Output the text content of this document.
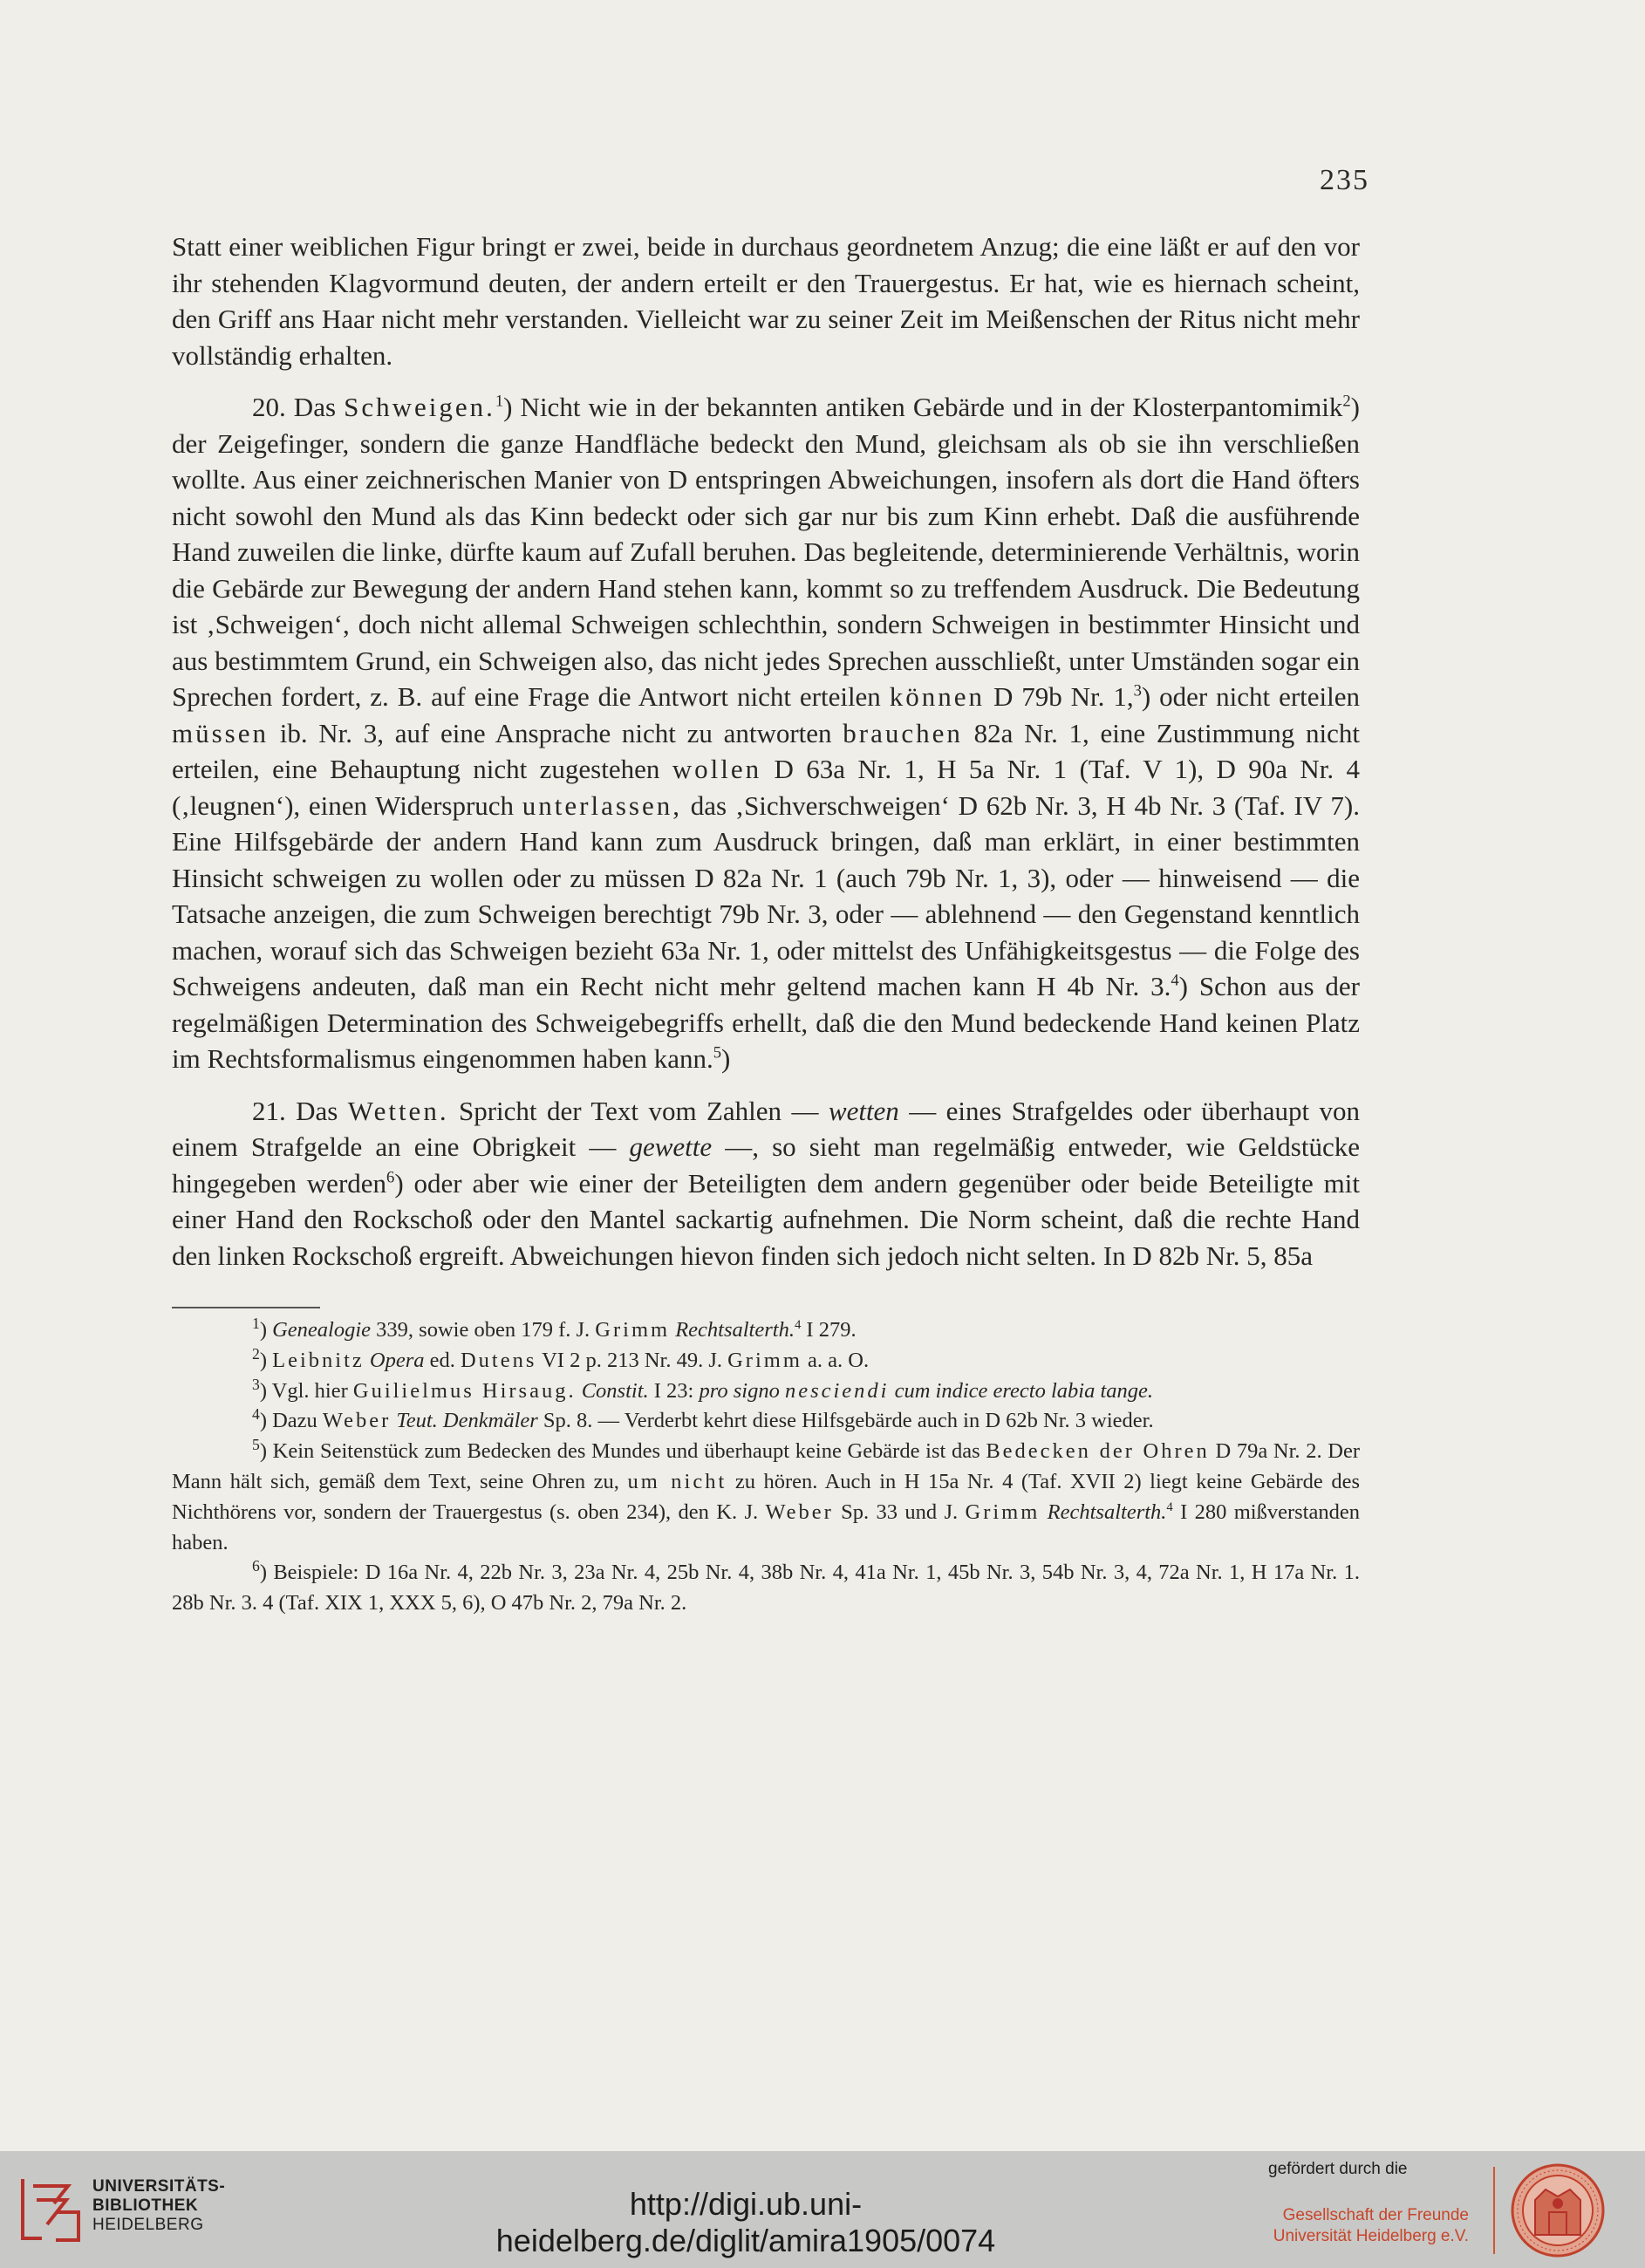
235

Statt einer weiblichen Figur bringt er zwei, beide in durchaus geordnetem Anzug; die eine läßt er auf den vor ihr stehenden Klagvormund deuten, der andern erteilt er den Trauergestus. Er hat, wie es hiernach scheint, den Griff ans Haar nicht mehr verstanden. Vielleicht war zu seiner Zeit im Meißenschen der Ritus nicht mehr vollständig erhalten.

20. Das Schweigen.$^1$) Nicht wie in der bekannten antiken Gebärde und in der Klosterpantomimik$^2$) der Zeigefinger, sondern die ganze Handfläche bedeckt den Mund, gleichsam als ob sie ihn verschließen wollte. Aus einer zeichnerischen Manier von D entspringen Abweichungen, insofern als dort die Hand öfters nicht sowohl den Mund als das Kinn bedeckt oder sich gar nur bis zum Kinn erhebt. Daß die ausführende Hand zuweilen die linke, dürfte kaum auf Zufall beruhen. Das begleitende, determinierende Verhältnis, worin die Gebärde zur Bewegung der andern Hand stehen kann, kommt so zu treffendem Ausdruck. Die Bedeutung ist ‚Schweigen‘, doch nicht allemal Schweigen schlechthin, sondern Schweigen in bestimmter Hinsicht und aus bestimmtem Grund, ein Schweigen also, das nicht jedes Sprechen ausschließt, unter Umständen sogar ein Sprechen fordert, z. B. auf eine Frage die Antwort nicht erteilen können D 79b Nr. 1,$^3$) oder nicht erteilen müssen ib. Nr. 3, auf eine Ansprache nicht zu antworten brauchen 82a Nr. 1, eine Zustimmung nicht erteilen, eine Behauptung nicht zugestehen wollen D 63a Nr. 1, H 5a Nr. 1 (Taf. V 1), D 90a Nr. 4 (‚leugnen‘), einen Widerspruch unterlassen, das ‚Sichverschweigen‘ D 62b Nr. 3, H 4b Nr. 3 (Taf. IV 7). Eine Hilfsgebärde der andern Hand kann zum Ausdruck bringen, daß man erklärt, in einer bestimmten Hinsicht schweigen zu wollen oder zu müssen D 82a Nr. 1 (auch 79b Nr. 1, 3), oder — hinweisend — die Tatsache anzeigen, die zum Schweigen berechtigt 79b Nr. 3, oder — ablehnend — den Gegenstand kenntlich machen, worauf sich das Schweigen bezieht 63a Nr. 1, oder mittelst des Unfähigkeitsgestus — die Folge des Schweigens andeuten, daß man ein Recht nicht mehr geltend machen kann H 4b Nr. 3.$^4$) Schon aus der regelmäßigen Determination des Schweigebegriffs erhellt, daß die den Mund bedeckende Hand keinen Platz im Rechtsformalismus eingenommen haben kann.$^5$)

21. Das Wetten. Spricht der Text vom Zahlen — wetten — eines Strafgeldes oder überhaupt von einem Strafgelde an eine Obrigkeit — gewette —, so sieht man regelmäßig entweder, wie Geldstücke hingegeben werden$^6$) oder aber wie einer der Beteiligten dem andern gegenüber oder beide Beteiligte mit einer Hand den Rockschoß oder den Mantel sackartig aufnehmen. Die Norm scheint, daß die rechte Hand den linken Rockschoß ergreift. Abweichungen hievon finden sich jedoch nicht selten. In D 82b Nr. 5, 85a

$^1$) Genealogie 339, sowie oben 179 f. J. Grimm Rechtsalterth.$^4$ I 279.

$^2$) Leibnitz Opera ed. Dutens VI 2 p. 213 Nr. 49. J. Grimm a. a. O.

$^3$) Vgl. hier Guilielmus Hirsaug. Constit. I 23: pro signo nesciendi cum indice erecto labia tange.

$^4$) Dazu Weber Teut. Denkmäler Sp. 8. — Verderbt kehrt diese Hilfsgebärde auch in D 62b Nr. 3 wieder.

$^5$) Kein Seitenstück zum Bedecken des Mundes und überhaupt keine Gebärde ist das Bedecken der Ohren D 79a Nr. 2. Der Mann hält sich, gemäß dem Text, seine Ohren zu, um nicht zu hören. Auch in H 15a Nr. 4 (Taf. XVII 2) liegt keine Gebärde des Nichthörens vor, sondern der Trauergestus (s. oben 234), den K. J. Weber Sp. 33 und J. Grimm Rechtsalterth.$^4$ I 280 mißverstanden haben.

$^6$) Beispiele: D 16a Nr. 4, 22b Nr. 3, 23a Nr. 4, 25b Nr. 4, 38b Nr. 4, 41a Nr. 1, 45b Nr. 3, 54b Nr. 3, 4, 72a Nr. 1, H 17a Nr. 1. 28b Nr. 3. 4 (Taf. XIX 1, XXX 5, 6), O 47b Nr. 2, 79a Nr. 2.

UNIVERSITÄTS-
BIBLIOTHEK
HEIDELBERG
http://digi.ub.uni-heidelberg.de/diglit/amira1905/0074
gefördert durch die
Gesellschaft der Freunde
Universität Heidelberg e.V.
